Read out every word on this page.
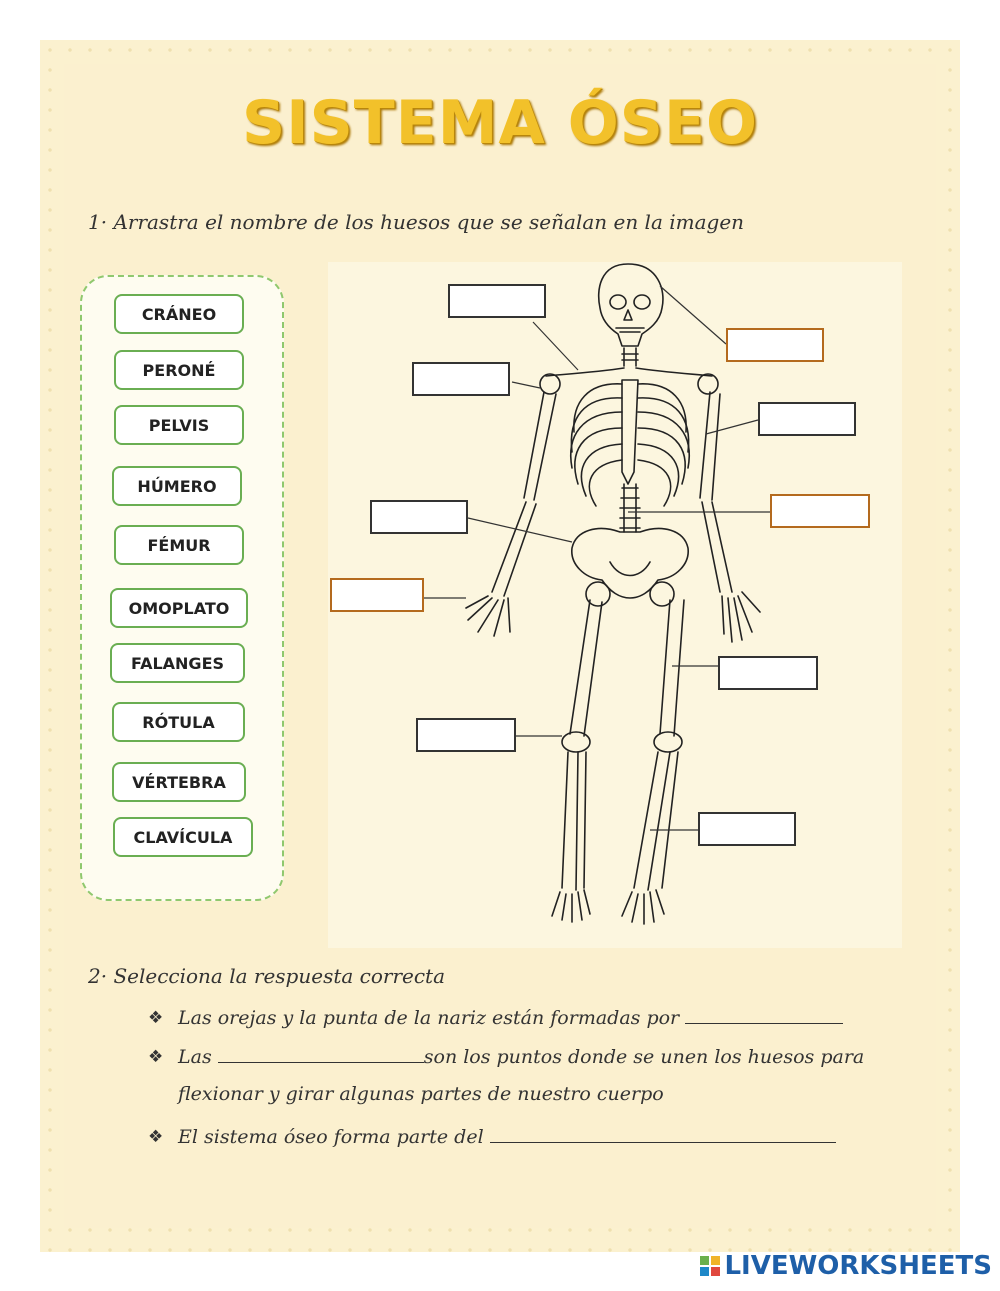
SISTEMA ÓSEO
1· Arrastra el nombre de los huesos que se señalan en la imagen
CRÁNEO
PERONÉ
PELVIS
HÚMERO
FÉMUR
OMOPLATO
FALANGES
RÓTULA
VÉRTEBRA
CLAVÍCULA
2· Selecciona la respuesta correcta
❖ Las orejas y la punta de la nariz están formadas por
❖ Las	son los puntos donde se unen los huesos para
flexionar y girar algunas partes de nuestro cuerpo
❖ El sistema óseo forma parte del
LIVEWORKSHEETS
